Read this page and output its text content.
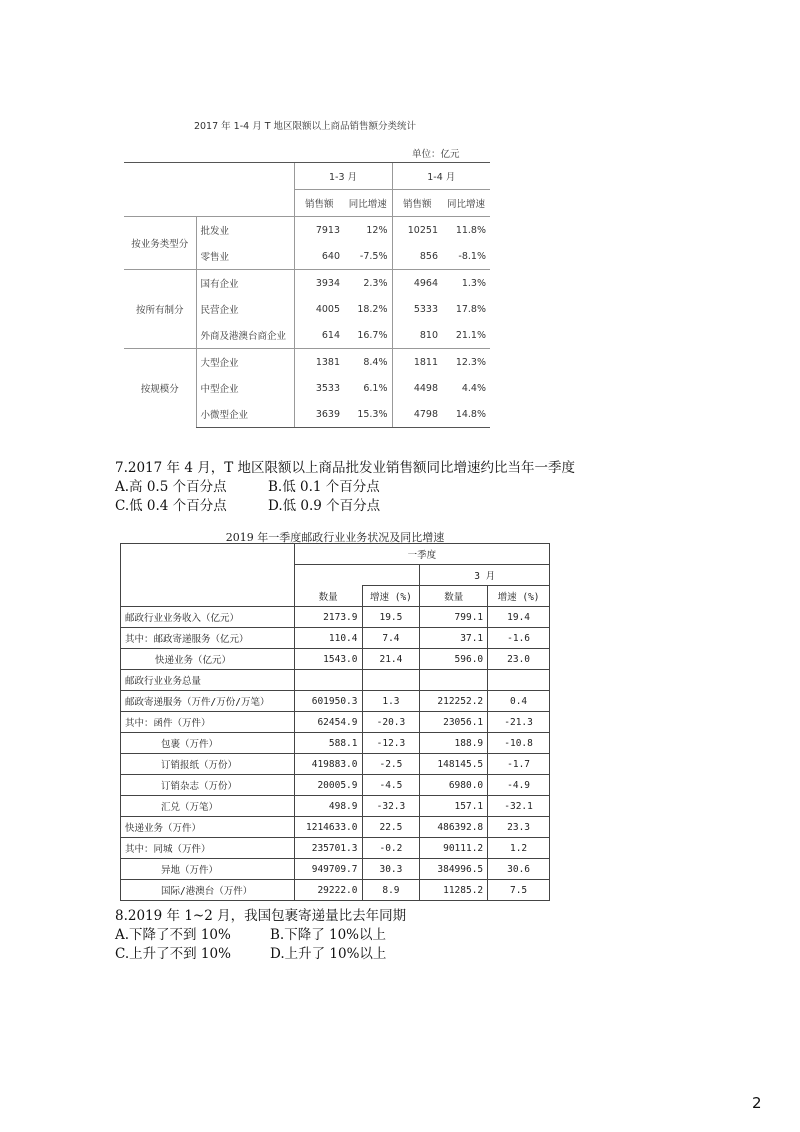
2017 年 1-4 月 T 地区限额以上商品销售额分类统计
单位：亿元
		1-3 月		1-4 月	
		销售额	同比增速	销售额	同比增速
按业务类型分	批发业	7913	12%	10251	11.8%
	零售业	640	-7.5%	856	-8.1%
按所有制分	国有企业	3934	2.3%	4964	1.3%
	民营企业	4005	18.2%	5333	17.8%
	外商及港澳台商企业	614	16.7%	810	21.1%
按规模分	大型企业	1381	8.4%	1811	12.3%
	中型企业	3533	6.1%	4498	4.4%
	小微型企业	3639	15.3%	4798	14.8%
7.2017 年 4 月，T 地区限额以上商品批发业销售额同比增速约比当年一季度
A.高 0.5 个百分点	B.低 0.1 个百分点
C.低 0.4 个百分点	D.低 0.9 个百分点
2019 年一季度邮政行业业务状况及同比增速
	一季度			
			3 月	
	数量	增速 (%)	数量	增速 (%)
邮政行业业务收入（亿元）	2173.9	19.5	799.1	19.4
其中：邮政寄递服务（亿元）	110.4	7.4	37.1	-1.6
快递业务（亿元）	1543.0	21.4	596.0	23.0
邮政行业业务总量				
邮政寄递服务（万件/万份/万笔）	601950.3	1.3	212252.2	0.4
其中：函件（万件）	62454.9	-20.3	23056.1	-21.3
包裹（万件）	588.1	-12.3	188.9	-10.8
订销报纸（万份）	419883.0	-2.5	148145.5	-1.7
订销杂志（万份）	20005.9	-4.5	6980.0	-4.9
汇兑（万笔）	498.9	-32.3	157.1	-32.1
快递业务（万件）	1214633.0	22.5	486392.8	23.3
其中：同城（万件）	235701.3	-0.2	90111.2	1.2
异地（万件）	949709.7	30.3	384996.5	30.6
国际/港澳台（万件）	29222.0	8.9	11285.2	7.5
8.2019 年 1~2 月，我国包裹寄递量比去年同期
A.下降了不到 10%	B.下降了 10%以上
C.上升了不到 10%	D.上升了 10%以上
2
